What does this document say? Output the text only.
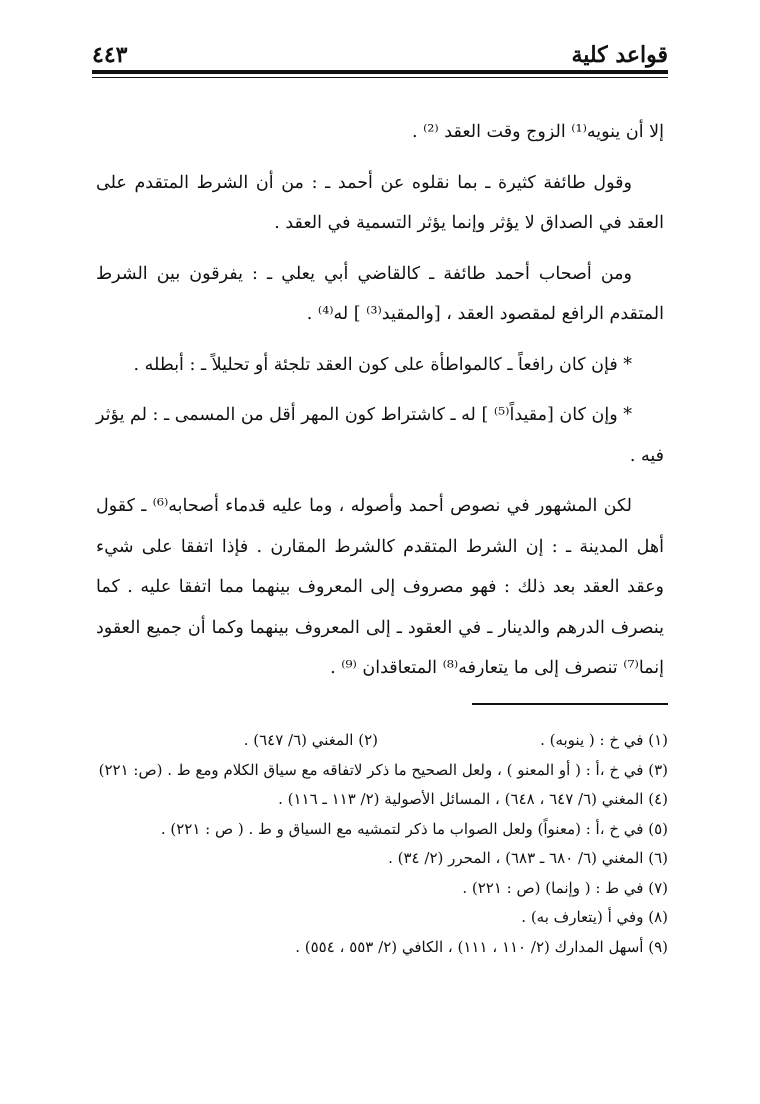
قواعد كلية
٤٤٣

إلا أن ينويه⁽¹⁾ الزوج وقت العقد ⁽²⁾ .

وقول طائفة كثيرة ـ بما نقلوه عن أحمد ـ : من أن الشرط المتقدم على العقد في الصداق لا يؤثر وإنما يؤثر التسمية في العقد .

ومن أصحاب أحمد طائفة ـ كالقاضي أبي يعلي ـ : يفرقون بين الشرط المتقدم الرافع لمقصود العقد ، [والمقيد⁽³⁾ ] له⁽⁴⁾ .

* فإن كان رافعاً ـ كالمواطأة على كون العقد تلجئة أو تحليلاً ـ : أبطله .

* وإن كان [مقيداً⁽⁵⁾ ] له ـ كاشتراط كون المهر أقل من المسمى ـ : لم يؤثر فيه .

لكن المشهور في نصوص أحمد وأصوله ، وما عليه قدماء أصحابه⁽⁶⁾ ـ كقول أهل المدينة ـ : إن الشرط المتقدم كالشرط المقارن . فإذا اتفقا على شيء وعقد العقد بعد ذلك : فهو مصروف إلى المعروف بينهما مما اتفقا عليه . كما ينصرف الدرهم والدينار ـ في العقود ـ إلى المعروف بينهما وكما أن جميع العقود إنما⁽⁷⁾ تنصرف إلى ما يتعارفه⁽⁸⁾ المتعاقدان ⁽⁹⁾ .

(١) في خ : ( ينوبه) .
(٢) المغني (٦/ ٦٤٧) .
(٣) في خ ،أ : ( أو المعنو ) ، ولعل الصحيح ما ذكر لاتفاقه مع سياق الكلام ومع ط . (ص: ٢٢١)
(٤) المغني (٦/ ٦٤٧ ، ٦٤٨) ، المسائل الأصولية (٢/ ١١٣ ـ ١١٦) .
(٥) في خ ،أ : (معنواً) ولعل الصواب ما ذكر لتمشيه مع السياق و ط . ( ص : ٢٢١) .
(٦) المغني (٦/ ٦٨٠ ـ ٦٨٣) ، المحرر (٢/ ٣٤) .
(٧) في ط : ( وإنما) (ص : ٢٢١) .
(٨) وفي أ (يتعارف به) .
(٩) أسهل المدارك (٢/ ١١٠ ، ١١١) ، الكافي (٢/ ٥٥٣ ، ٥٥٤) .
